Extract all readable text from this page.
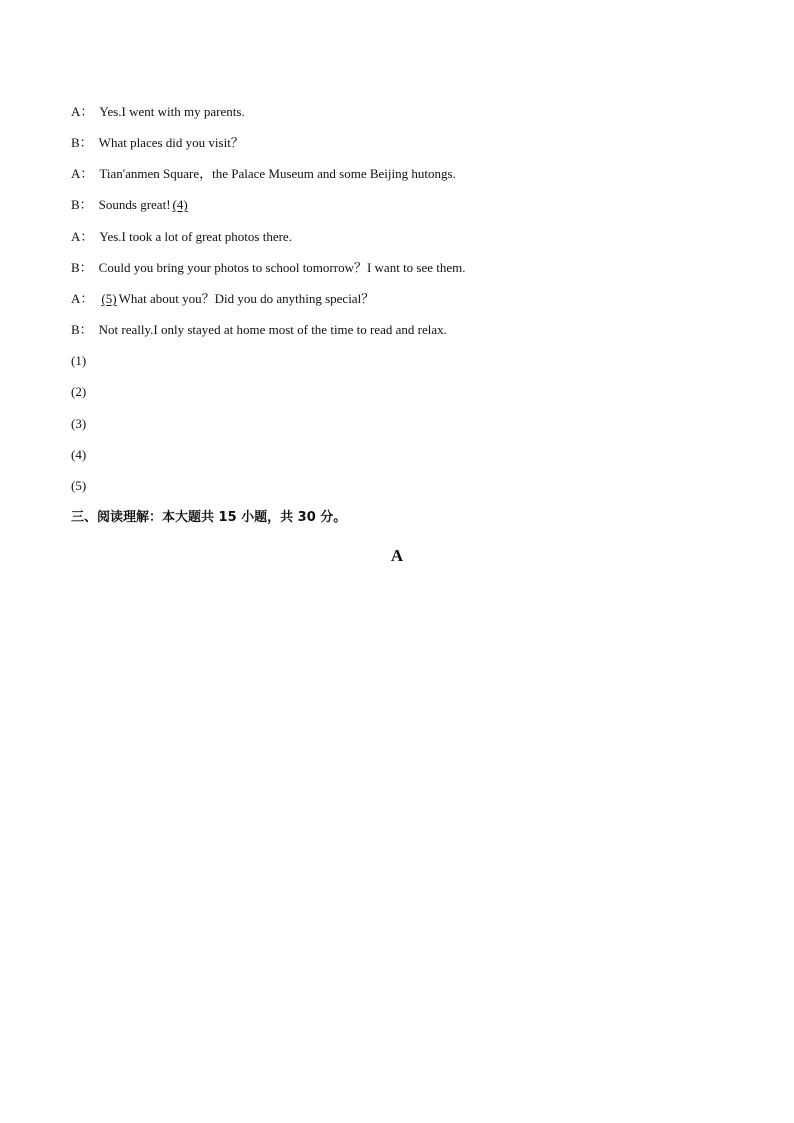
A： Yes.I went with my parents.
B： What places did you visit？
A： Tian'anmen Square，the Palace Museum and some Beijing hutongs.
B： Sounds great! (4)
A： Yes.I took a lot of great photos there.
B： Could you bring your photos to school tomorrow？I want to see them.
A： (5) What about you？Did you do anything special？
B： Not really.I only stayed at home most of the time to read and relax.
(1)
(2)
(3)
(4)
(5)
三、阅读理解：本大题共 15 小题，共 30 分。
A
